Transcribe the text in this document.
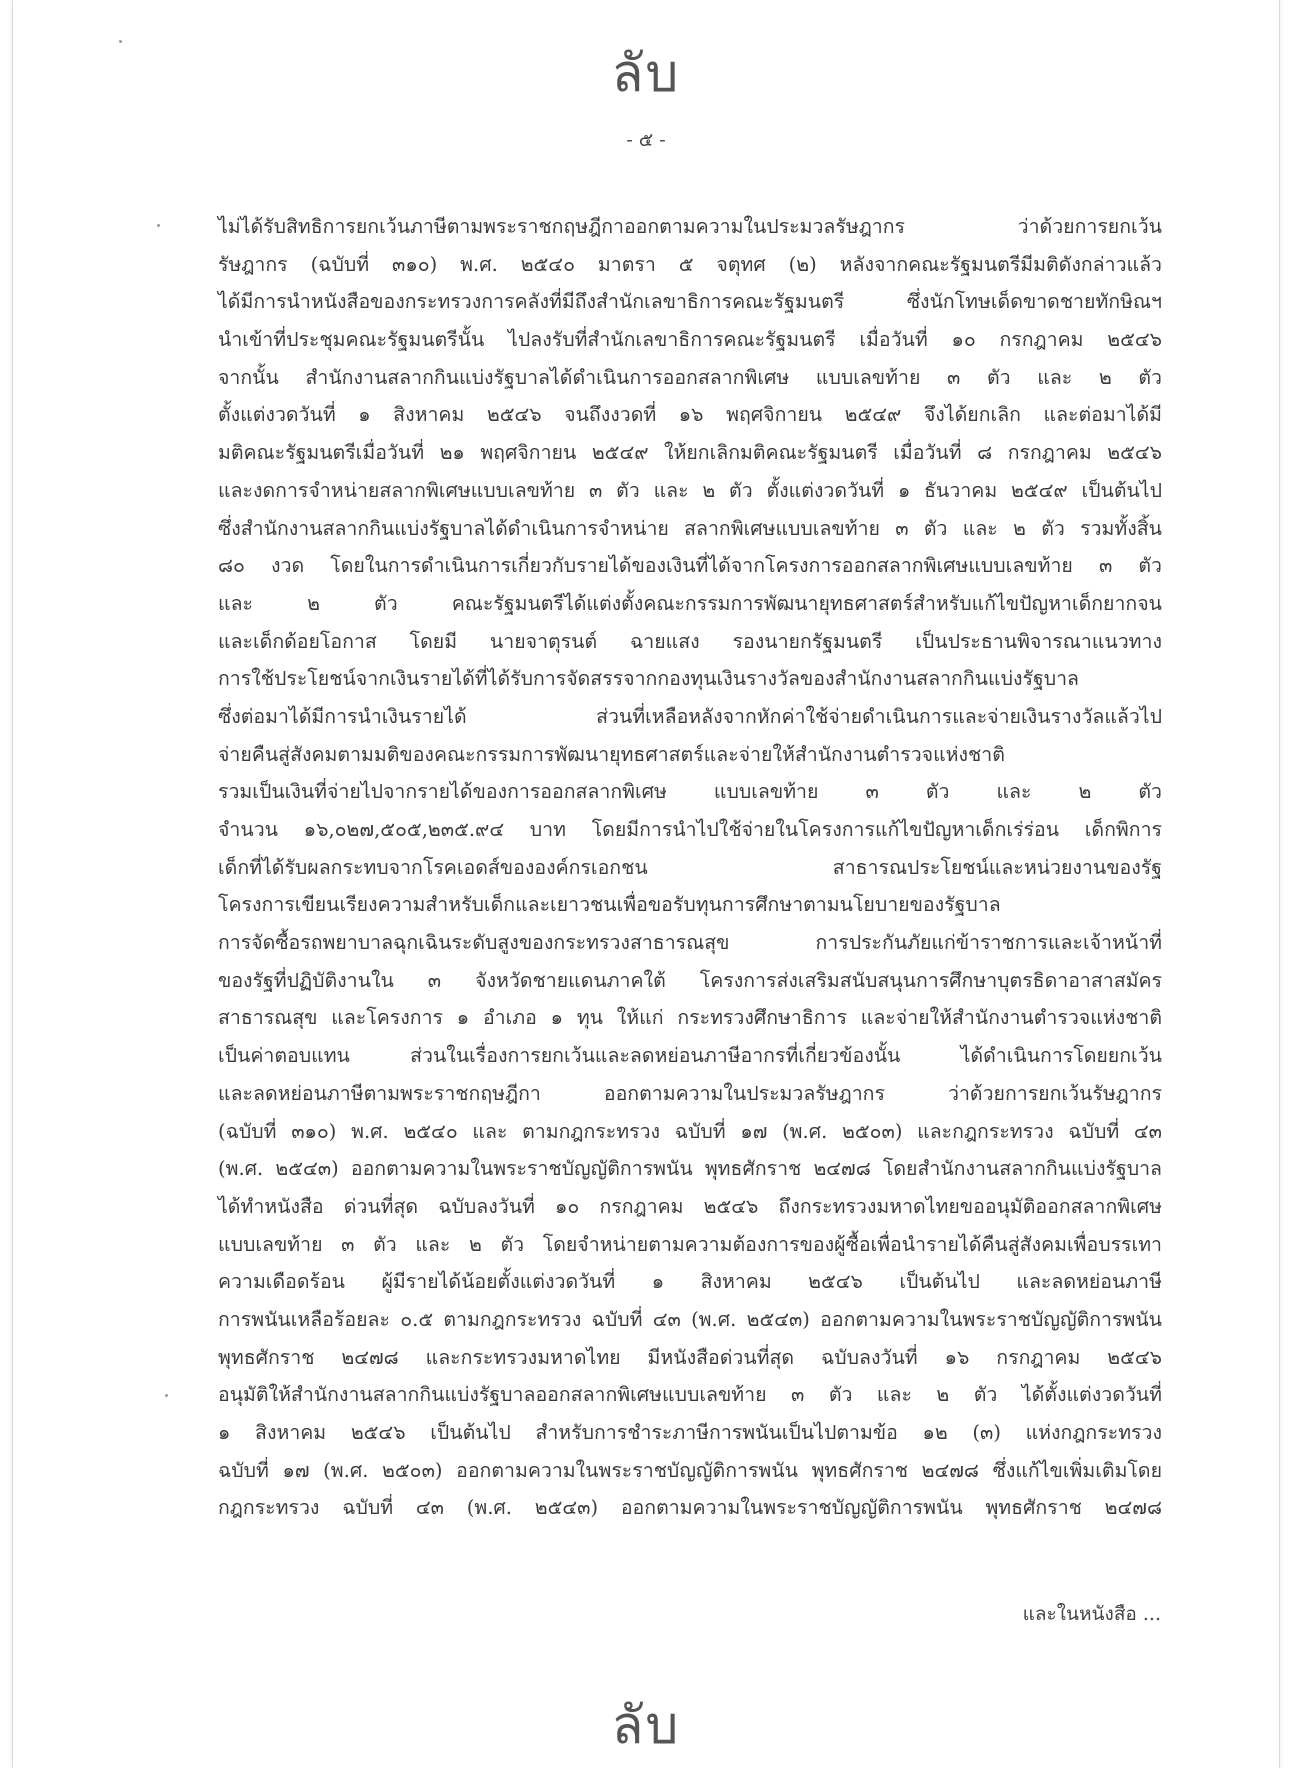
ลับ
- ๕ -
ไม่ได้รับสิทธิการยกเว้นภาษีตามพระราชกฤษฎีกาออกตามความในประมวลรัษฎากร ว่าด้วยการยกเว้น
รัษฎากร (ฉบับที่ ๓๑๐) พ.ศ. ๒๕๔๐ มาตรา ๕ จตุทศ (๒) หลังจากคณะรัฐมนตรีมีมติดังกล่าวแล้ว
ได้มีการนำหนังสือของกระทรวงการคลังที่มีถึงสำนักเลขาธิการคณะรัฐมนตรี ซึ่งนักโทษเด็ดขาดชายทักษิณฯ
นำเข้าที่ประชุมคณะรัฐมนตรีนั้น ไปลงรับที่สำนักเลขาธิการคณะรัฐมนตรี เมื่อวันที่ ๑๐ กรกฎาคม ๒๕๔๖
จากนั้น สำนักงานสลากกินแบ่งรัฐบาลได้ดำเนินการออกสลากพิเศษ แบบเลขท้าย ๓ ตัว และ ๒ ตัว
ตั้งแต่งวดวันที่ ๑ สิงหาคม ๒๕๔๖ จนถึงงวดที่ ๑๖ พฤศจิกายน ๒๕๔๙ จึงได้ยกเลิก และต่อมาได้มี
มติคณะรัฐมนตรีเมื่อวันที่ ๒๑ พฤศจิกายน ๒๕๔๙ ให้ยกเลิกมติคณะรัฐมนตรี เมื่อวันที่ ๘ กรกฎาคม ๒๕๔๖
และงดการจำหน่ายสลากพิเศษแบบเลขท้าย ๓ ตัว และ ๒ ตัว ตั้งแต่งวดวันที่ ๑ ธันวาคม ๒๕๔๙ เป็นต้นไป
ซึ่งสำนักงานสลากกินแบ่งรัฐบาลได้ดำเนินการจำหน่าย สลากพิเศษแบบเลขท้าย ๓ ตัว และ ๒ ตัว รวมทั้งสิ้น
๘๐ งวด โดยในการดำเนินการเกี่ยวกับรายได้ของเงินที่ได้จากโครงการออกสลากพิเศษแบบเลขท้าย ๓ ตัว
และ ๒ ตัว คณะรัฐมนตรีได้แต่งตั้งคณะกรรมการพัฒนายุทธศาสตร์สำหรับแก้ไขปัญหาเด็กยากจน
และเด็กด้อยโอกาส โดยมี นายจาตุรนต์ ฉายแสง รองนายกรัฐมนตรี เป็นประธานพิจารณาแนวทาง
การใช้ประโยชน์จากเงินรายได้ที่ได้รับการจัดสรรจากกองทุนเงินรางวัลของสำนักงานสลากกินแบ่งรัฐบาล
ซึ่งต่อมาได้มีการนำเงินรายได้ ส่วนที่เหลือหลังจากหักค่าใช้จ่ายดำเนินการและจ่ายเงินรางวัลแล้วไป
จ่ายคืนสู่สังคมตามมติของคณะกรรมการพัฒนายุทธศาสตร์และจ่ายให้สำนักงานตำรวจแห่งชาติ
รวมเป็นเงินที่จ่ายไปจากรายได้ของการออกสลากพิเศษ แบบเลขท้าย ๓ ตัว และ ๒ ตัว
จำนวน ๑๖,๐๒๗,๕๐๕,๒๓๕.๙๔ บาท โดยมีการนำไปใช้จ่ายในโครงการแก้ไขปัญหาเด็กเร่ร่อน เด็กพิการ
เด็กที่ได้รับผลกระทบจากโรคเอดส์ขององค์กรเอกชน สาธารณประโยชน์และหน่วยงานของรัฐ
โครงการเขียนเรียงความสำหรับเด็กและเยาวชนเพื่อขอรับทุนการศึกษาตามนโยบายของรัฐบาล
การจัดซื้อรถพยาบาลฉุกเฉินระดับสูงของกระทรวงสาธารณสุข การประกันภัยแก่ข้าราชการและเจ้าหน้าที่
ของรัฐที่ปฏิบัติงานใน ๓ จังหวัดชายแดนภาคใต้ โครงการส่งเสริมสนับสนุนการศึกษาบุตรธิดาอาสาสมัคร
สาธารณสุข และโครงการ ๑ อำเภอ ๑ ทุน ให้แก่ กระทรวงศึกษาธิการ และจ่ายให้สำนักงานตำรวจแห่งชาติ
เป็นค่าตอบแทน ส่วนในเรื่องการยกเว้นและลดหย่อนภาษีอากรที่เกี่ยวข้องนั้น ได้ดำเนินการโดยยกเว้น
และลดหย่อนภาษีตามพระราชกฤษฎีกา ออกตามความในประมวลรัษฎากร ว่าด้วยการยกเว้นรัษฎากร
(ฉบับที่ ๓๑๐) พ.ศ. ๒๕๔๐ และ ตามกฎกระทรวง ฉบับที่ ๑๗ (พ.ศ. ๒๕๐๓) และกฎกระทรวง ฉบับที่ ๔๓
(พ.ศ. ๒๕๔๓) ออกตามความในพระราชบัญญัติการพนัน พุทธศักราช ๒๔๗๘ โดยสำนักงานสลากกินแบ่งรัฐบาล
ได้ทำหนังสือ ด่วนที่สุด ฉบับลงวันที่ ๑๐ กรกฎาคม ๒๕๔๖ ถึงกระทรวงมหาดไทยขออนุมัติออกสลากพิเศษ
แบบเลขท้าย ๓ ตัว และ ๒ ตัว โดยจำหน่ายตามความต้องการของผู้ซื้อเพื่อนำรายได้คืนสู่สังคมเพื่อบรรเทา
ความเดือดร้อน ผู้มีรายได้น้อยตั้งแต่งวดวันที่ ๑ สิงหาคม ๒๕๔๖ เป็นต้นไป และลดหย่อนภาษี
การพนันเหลือร้อยละ ๐.๕ ตามกฎกระทรวง ฉบับที่ ๔๓ (พ.ศ. ๒๕๔๓) ออกตามความในพระราชบัญญัติการพนัน
พุทธศักราช ๒๔๗๘ และกระทรวงมหาดไทย มีหนังสือด่วนที่สุด ฉบับลงวันที่ ๑๖ กรกฎาคม ๒๕๔๖
อนุมัติให้สำนักงานสลากกินแบ่งรัฐบาลออกสลากพิเศษแบบเลขท้าย ๓ ตัว และ ๒ ตัว ได้ตั้งแต่งวดวันที่
๑ สิงหาคม ๒๕๔๖ เป็นต้นไป สำหรับการชำระภาษีการพนันเป็นไปตามข้อ ๑๒ (๓) แห่งกฎกระทรวง
ฉบับที่ ๑๗ (พ.ศ. ๒๕๐๓) ออกตามความในพระราชบัญญัติการพนัน พุทธศักราช ๒๔๗๘ ซึ่งแก้ไขเพิ่มเติมโดย
กฎกระทรวง ฉบับที่ ๔๓ (พ.ศ. ๒๕๔๓) ออกตามความในพระราชบัญญัติการพนัน พุทธศักราช ๒๔๗๘
และในหนังสือ ...
ลับ
